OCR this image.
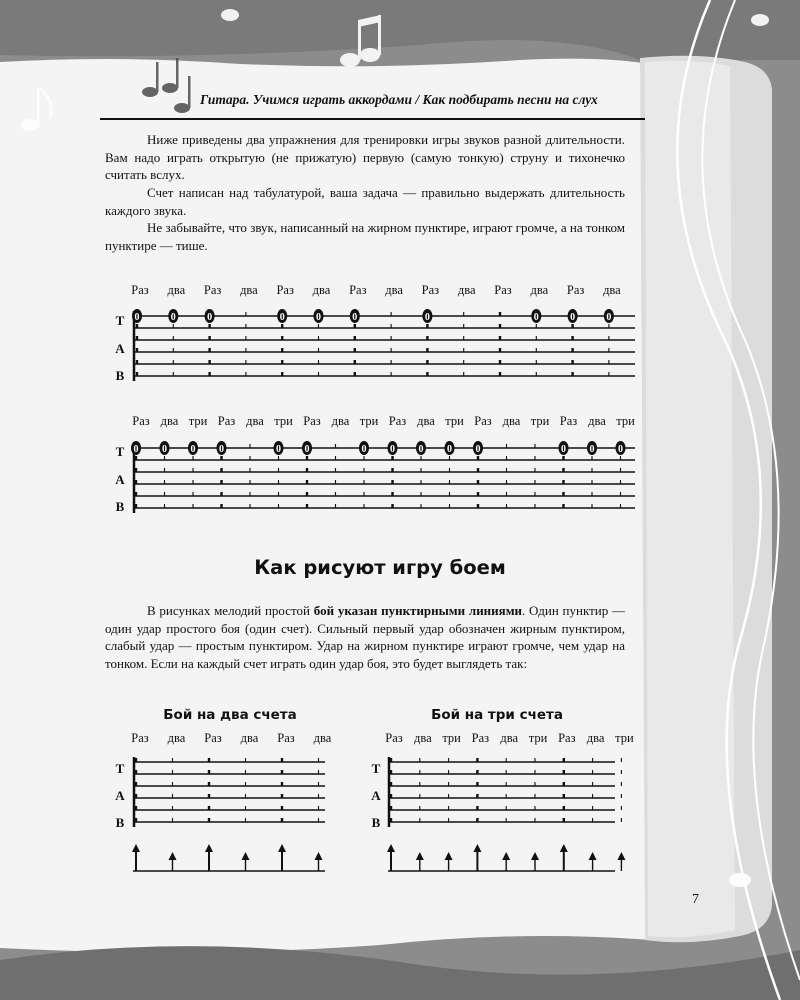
Гитара. Учимся играть аккордами / Как подбирать песни на слух

Ниже приведены два упражнения для тренировки игры звуков разной длительности. Вам надо играть открытую (не прижатую) первую (самую тонкую) струну и тихонечко считать вслух.

Счет написан над табулатурой, ваша задача — правильно выдержать длительность каждого звука.

Не забывайте, что звук, написанный на жирном пунктире, играют громче, а на тонком пунктире — тише.

Раз два Раз два Раз два Раз два Раз два Раз два Раз два
T
A
B
0	0	0	0	0	0	0	0	0	0
Раз два три Раз два три Раз два три Раз два три Раз два три Раз два три
T
A
B
0 0 0 0	0 0	0 0 0 0 0	0 0 0
Как рисуют игру боем

В рисунках мелодий простой бой указан пунктирными линиями. Один пунктир — один удар простого боя (один счет). Сильный первый удар обозначен жирным пунктиром, слабый удар — простым пунктиром. Удар на жирном пунктире играют громче, чем удар на тонком. Если на каждый счет играть один удар боя, это будет выглядеть так:

Бой на два счета	Бой на три счета
Раз два Раз два Раз два
T
A
B
Раз два три Раз два три Раз два три
T
A
B
7
